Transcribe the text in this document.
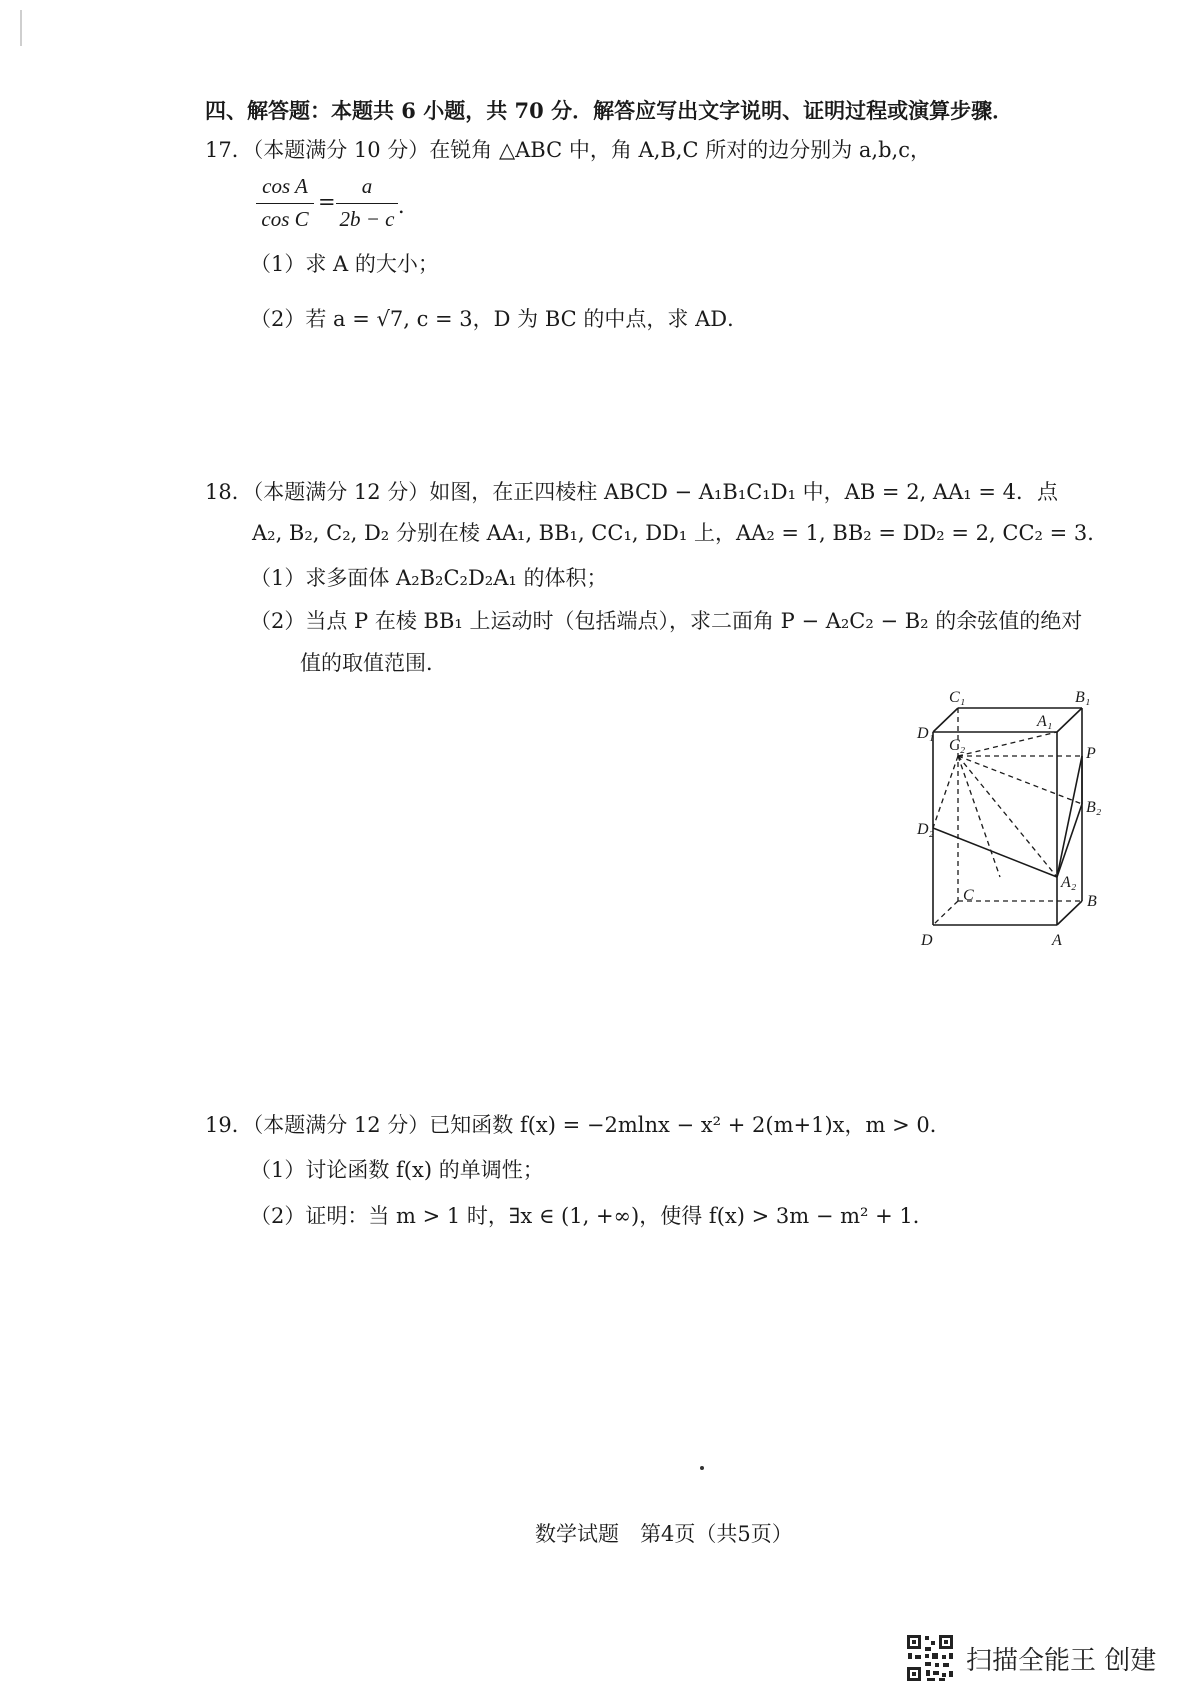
四、解答题：本题共 6 小题，共 70 分．解答应写出文字说明、证明过程或演算步骤．
17．（本题满分 10 分）在锐角 △ABC 中，角 A,B,C 所对的边分别为 a,b,c，
cos A
cos C
=
a
2b − c
．
（1）求 A 的大小；
（2）若 a = √7, c = 3，D 为 BC 的中点，求 AD．
18．（本题满分 12 分）如图，在正四棱柱 ABCD − A₁B₁C₁D₁ 中，AB = 2, AA₁ = 4．点
A₂, B₂, C₂, D₂ 分别在棱 AA₁, BB₁, CC₁, DD₁ 上，AA₂ = 1, BB₂ = DD₂ = 2, CC₂ = 3．
（1）求多面体 A₂B₂C₂D₂A₁ 的体积；
（2）当点 P 在棱 BB₁ 上运动时（包括端点），求二面角 P − A₂C₂ − B₂ 的余弦值的绝对
值的取值范围．
C₁	B₁
A₁
D₁
C₂	P
B₂
D₂
C
A₂
B
D	A
19．（本题满分 12 分）已知函数 f(x) = −2mlnx − x² + 2(m+1)x，m > 0．
（1）讨论函数 f(x) 的单调性；
（2）证明：当 m > 1 时，∃x ∈ (1, +∞)，使得 f(x) > 3m − m² + 1．
数学试题　第4页（共5页）
扫描全能王 创建
